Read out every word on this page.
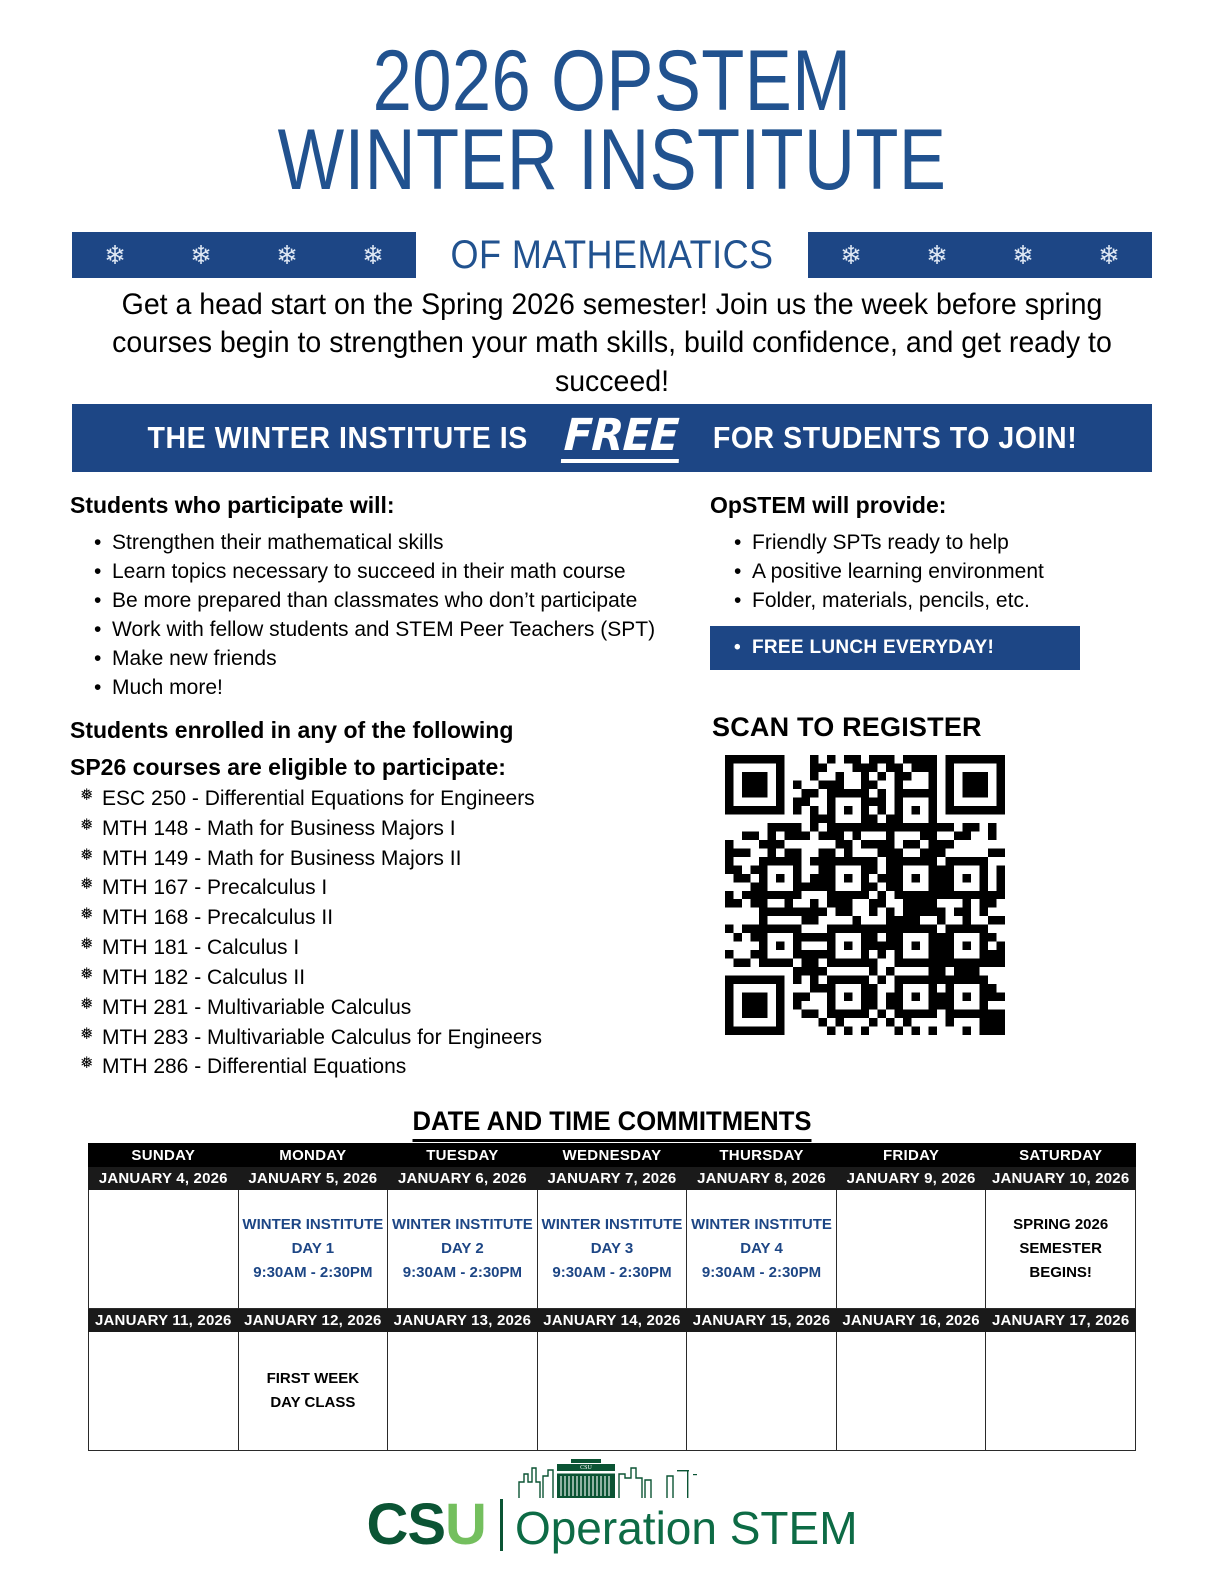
2026 OPSTEM
WINTER INSTITUTE
❄ ❄ ❄ ❄	OF MATHEMATICS	❄ ❄ ❄ ❄
Get a head start on the Spring 2026 semester! Join us the week before spring courses begin to strengthen your math skills, build confidence, and get ready to succeed!
THE WINTER INSTITUTE IS FREE FOR STUDENTS TO JOIN!
Students who participate will:
• Strengthen their mathematical skills
• Learn topics necessary to succeed in their math course
• Be more prepared than classmates who don’t participate
• Work with fellow students and STEM Peer Teachers (SPT)
• Make new friends
• Much more!
OpSTEM will provide:
• Friendly SPTs ready to help
• A positive learning environment
• Folder, materials, pencils, etc.
• FREE LUNCH EVERYDAY!
Students enrolled in any of the following
SP26 courses are eligible to participate:
❅ ESC 250 - Differential Equations for Engineers
❅ MTH 148 - Math for Business Majors I
❅ MTH 149 - Math for Business Majors II
❅ MTH 167 - Precalculus I
❅ MTH 168 - Precalculus II
❅ MTH 181 - Calculus I
❅ MTH 182 - Calculus II
❅ MTH 281 - Multivariable Calculus
❅ MTH 283 - Multivariable Calculus for Engineers
❅ MTH 286 - Differential Equations
SCAN TO REGISTER
DATE AND TIME COMMITMENTS
SUNDAY	MONDAY	TUESDAY	WEDNESDAY	THURSDAY	FRIDAY	SATURDAY
JANUARY 4, 2026	JANUARY 5, 2026	JANUARY 6, 2026	JANUARY 7, 2026	JANUARY 8, 2026	JANUARY 9, 2026	JANUARY 10, 2026

	WINTER INSTITUTE
DAY 1
9:30AM - 2:30PM	WINTER INSTITUTE
DAY 2
9:30AM - 2:30PM	WINTER INSTITUTE
DAY 3
9:30AM - 2:30PM	WINTER INSTITUTE
DAY 4
9:30AM - 2:30PM		SPRING 2026
SEMESTER
BEGINS!

JANUARY 11, 2026	JANUARY 12, 2026	JANUARY 13, 2026	JANUARY 14, 2026	JANUARY 15, 2026	JANUARY 16, 2026	JANUARY 17, 2026

	FIRST WEEK
DAY CLASS					

CSU
C S U Operation STEM
